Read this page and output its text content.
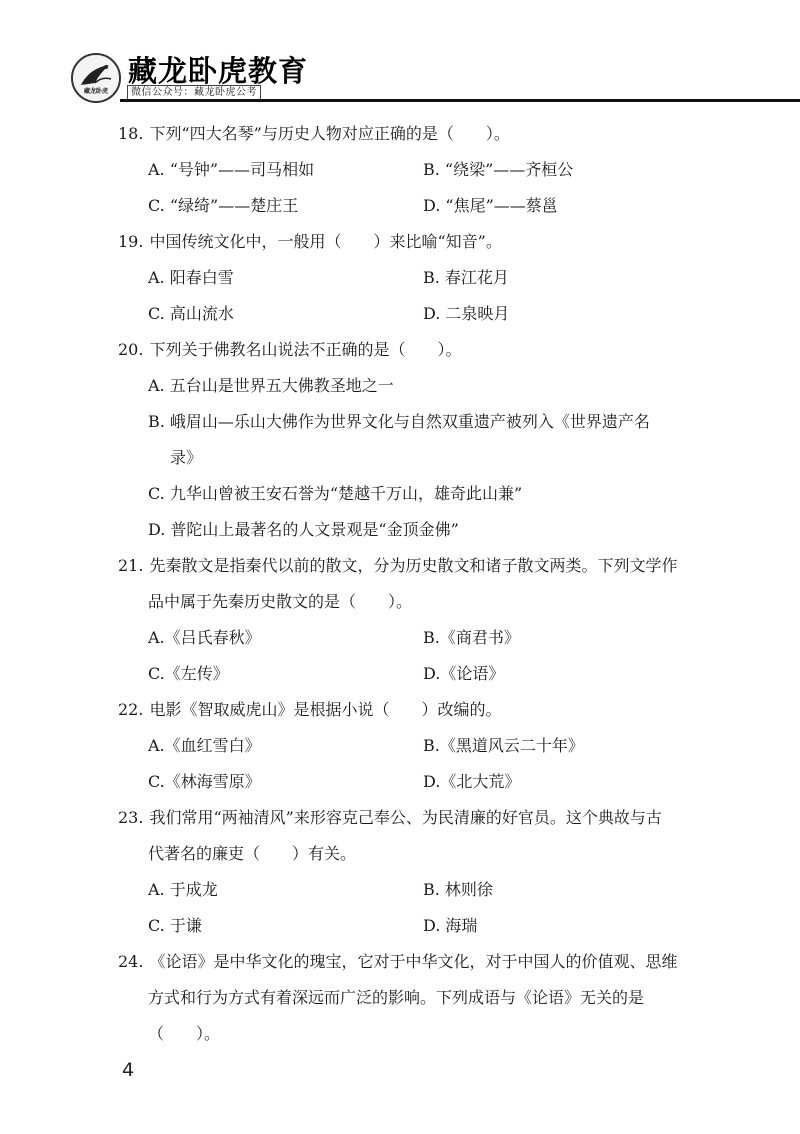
藏龙卧虎
藏龙卧虎教育
微信公众号：藏龙卧虎公考
18. 下列“四大名琴”与历史人物对应正确的是（　　）。
A. “号钟”——司马相如	B. “绕梁”——齐桓公
C. “绿绮”——楚庄王	D. “焦尾”——蔡邕
19. 中国传统文化中，一般用（　　）来比喻“知音”。
A. 阳春白雪	B. 春江花月
C. 高山流水	D. 二泉映月
20. 下列关于佛教名山说法不正确的是（　　）。
A. 五台山是世界五大佛教圣地之一
B. 峨眉山—乐山大佛作为世界文化与自然双重遗产被列入《世界遗产名
录》
C. 九华山曾被王安石誉为“楚越千万山，雄奇此山兼”
D. 普陀山上最著名的人文景观是“金顶金佛”
21. 先秦散文是指秦代以前的散文，分为历史散文和诸子散文两类。下列文学作
品中属于先秦历史散文的是（　　）。
A.《吕氏春秋》	B.《商君书》
C.《左传》	D.《论语》
22. 电影《智取威虎山》是根据小说（　　）改编的。
A.《血红雪白》	B.《黑道风云二十年》
C.《林海雪原》	D.《北大荒》
23. 我们常用“两袖清风”来形容克己奉公、为民清廉的好官员。这个典故与古
代著名的廉吏（　　）有关。
A. 于成龙	B. 林则徐
C. 于谦	D. 海瑞
24. 《论语》是中华文化的瑰宝，它对于中华文化，对于中国人的价值观、思维
方式和行为方式有着深远而广泛的影响。下列成语与《论语》无关的是
（　　）。
4
